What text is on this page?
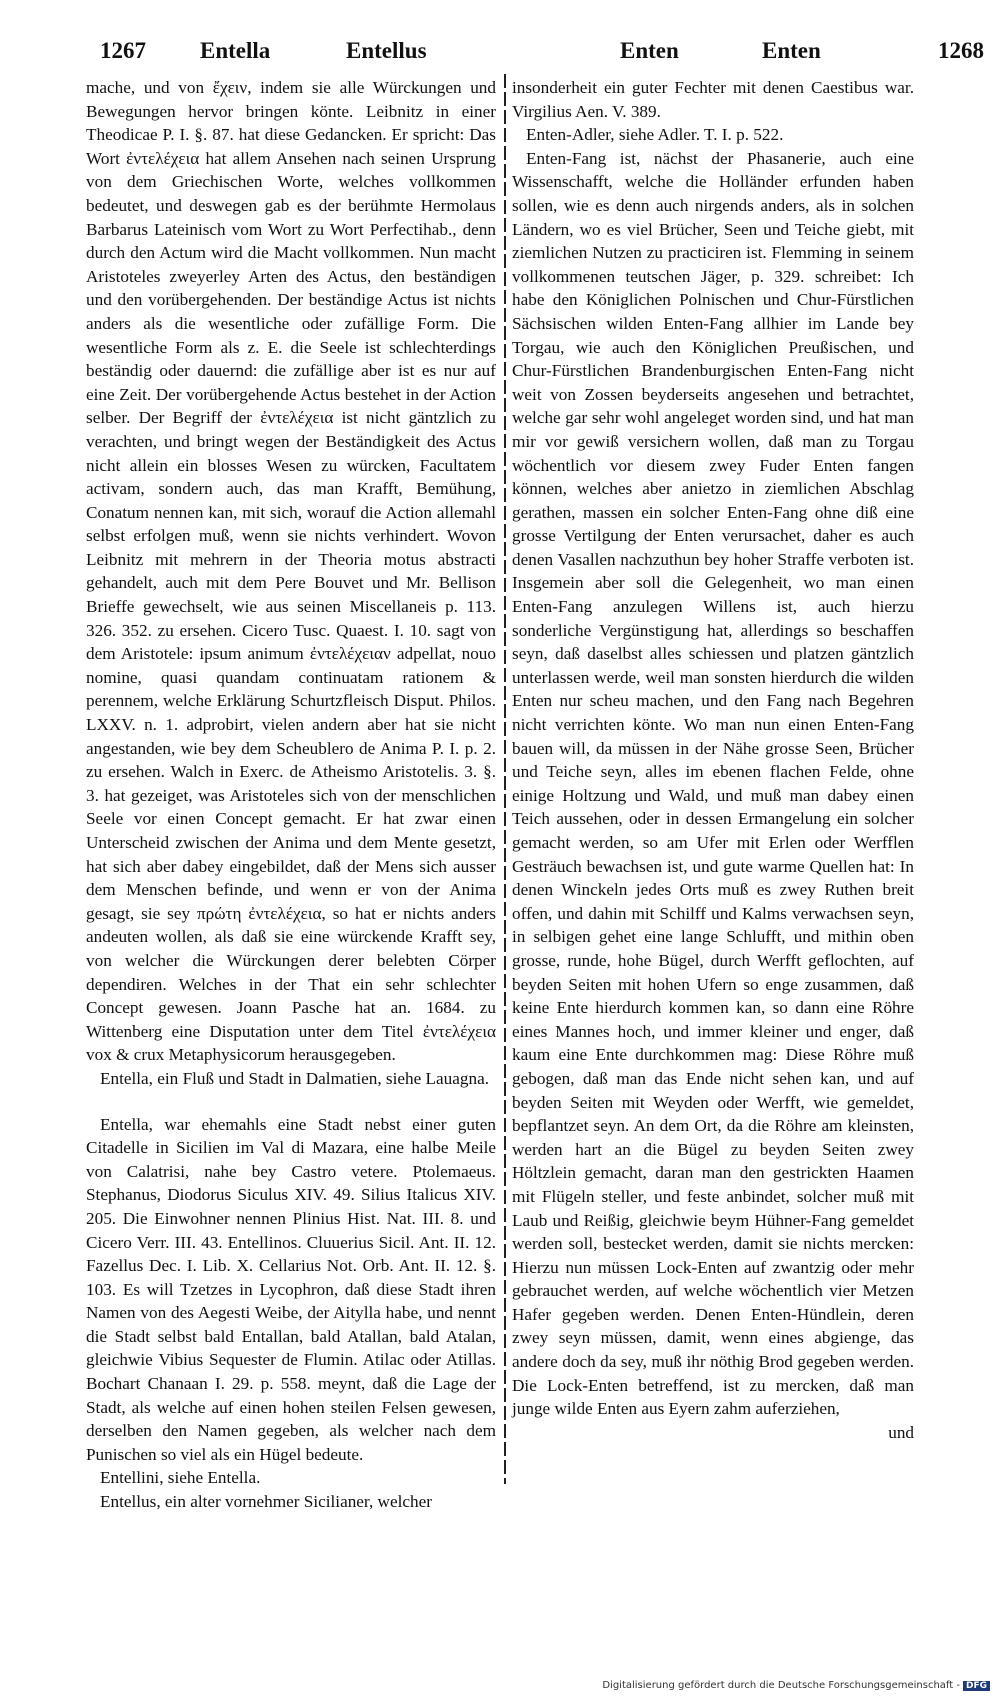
1267 Entella	Entellus	Enten	Enten	1268

mache, und von ἔχειν, indem sie alle Würckungen und Bewegungen hervor bringen könte. Leibnitz in einer Theodicae P. I. §. 87. hat diese Gedancken. Er spricht: Das Wort ἐντελέχεια hat allem Ansehen nach seinen Ursprung von dem Griechischen Worte, welches vollkommen bedeutet, und deswegen gab es der berühmte Hermolaus Barbarus Lateinisch vom Wort zu Wort Perfectihab., denn durch den Actum wird die Macht vollkommen. Nun macht Aristoteles zweyerley Arten des Actus, den beständigen und den vorübergehenden. Der beständige Actus ist nichts anders als die wesentliche oder zufällige Form. Die wesentliche Form als z. E. die Seele ist schlechterdings beständig oder dauernd: die zufällige aber ist es nur auf eine Zeit. Der vorübergehende Actus bestehet in der Action selber. Der Begriff der ἐντελέχεια ist nicht gäntzlich zu verachten, und bringt wegen der Beständigkeit des Actus nicht allein ein blosses Wesen zu würcken, Facultatem activam, sondern auch, das man Krafft, Bemühung, Conatum nennen kan, mit sich, worauf die Action allemahl selbst erfolgen muß, wenn sie nichts verhindert. Wovon Leibnitz mit mehrern in der Theoria motus abstracti gehandelt, auch mit dem Pere Bouvet und Mr. Bellison Brieffe gewechselt, wie aus seinen Miscellaneis p. 113. 326. 352. zu ersehen. Cicero Tusc. Quaest. I. 10. sagt von dem Aristotele: ipsum animum ἐντελέχειαν adpellat, nouo nomine, quasi quandam continuatam rationem & perennem, welche Erklärung Schurtzfleisch Disput. Philos. LXXV. n. 1. adprobirt, vielen andern aber hat sie nicht angestanden, wie bey dem Scheublero de Anima P. I. p. 2. zu ersehen. Walch in Exerc. de Atheismo Aristotelis. 3. §. 3. hat gezeiget, was Aristoteles sich von der menschlichen Seele vor einen Concept gemacht. Er hat zwar einen Unterscheid zwischen der Anima und dem Mente gesetzt, hat sich aber dabey eingebildet, daß der Mens sich ausser dem Menschen befinde, und wenn er von der Anima gesagt, sie sey πρώτη ἐντελέχεια, so hat er nichts anders andeuten wollen, als daß sie eine würckende Krafft sey, von welcher die Würckungen derer belebten Cörper dependiren. Welches in der That ein sehr schlechter Concept gewesen. Joann Pasche hat an. 1684. zu Wittenberg eine Disputation unter dem Titel ἐντελέχεια vox & crux Metaphysicorum herausgegeben.

Entella, ein Fluß und Stadt in Dalmatien, siehe Lauagna.

Entella, war ehemahls eine Stadt nebst einer guten Citadelle in Sicilien im Val di Mazara, eine halbe Meile von Calatrisi, nahe bey Castro vetere. Ptolemaeus. Stephanus, Diodorus Siculus XIV. 49. Silius Italicus XIV. 205. Die Einwohner nennen Plinius Hist. Nat. III. 8. und Cicero Verr. III. 43. Entellinos. Cluuerius Sicil. Ant. II. 12. Fazellus Dec. I. Lib. X. Cellarius Not. Orb. Ant. II. 12. §. 103. Es will Tzetzes in Lycophron, daß diese Stadt ihren Namen von des Aegesti Weibe, der Aitylla habe, und nennt die Stadt selbst bald Entallan, bald Atallan, bald Atalan, gleichwie Vibius Sequester de Flumin. Atilac oder Atillas. Bochart Chanaan I. 29. p. 558. meynt, daß die Lage der Stadt, als welche auf einen hohen steilen Felsen gewesen, derselben den Namen gegeben, als welcher nach dem Punischen so viel als ein Hügel bedeute.

Entellini, siehe Entella.

Entellus, ein alter vornehmer Sicilianer, welcher

insonderheit ein guter Fechter mit denen Caestibus war. Virgilius Aen. V. 389.

Enten-Adler, siehe Adler. T. I. p. 522.

Enten-Fang ist, nächst der Phasanerie, auch eine Wissenschafft, welche die Holländer erfunden haben sollen, wie es denn auch nirgends anders, als in solchen Ländern, wo es viel Brücher, Seen und Teiche giebt, mit ziemlichen Nutzen zu practiciren ist. Flemming in seinem vollkommenen teutschen Jäger, p. 329. schreibet: Ich habe den Königlichen Polnischen und Chur-Fürstlichen Sächsischen wilden Enten-Fang allhier im Lande bey Torgau, wie auch den Königlichen Preußischen, und Chur-Fürstlichen Brandenburgischen Enten-Fang nicht weit von Zossen beyderseits angesehen und betrachtet, welche gar sehr wohl angeleget worden sind, und hat man mir vor gewiß versichern wollen, daß man zu Torgau wöchentlich vor diesem zwey Fuder Enten fangen können, welches aber anietzo in ziemlichen Abschlag gerathen, massen ein solcher Enten-Fang ohne diß eine grosse Vertilgung der Enten verursachet, daher es auch denen Vasallen nachzuthun bey hoher Straffe verboten ist. Insgemein aber soll die Gelegenheit, wo man einen Enten-Fang anzulegen Willens ist, auch hierzu sonderliche Vergünstigung hat, allerdings so beschaffen seyn, daß daselbst alles schiessen und platzen gäntzlich unterlassen werde, weil man sonsten hierdurch die wilden Enten nur scheu machen, und den Fang nach Begehren nicht verrichten könte. Wo man nun einen Enten-Fang bauen will, da müssen in der Nähe grosse Seen, Brücher und Teiche seyn, alles im ebenen flachen Felde, ohne einige Holtzung und Wald, und muß man dabey einen Teich aussehen, oder in dessen Ermangelung ein solcher gemacht werden, so am Ufer mit Erlen oder Werfflen Gesträuch bewachsen ist, und gute warme Quellen hat: In denen Winckeln jedes Orts muß es zwey Ruthen breit offen, und dahin mit Schilff und Kalms verwachsen seyn, in selbigen gehet eine lange Schlufft, und mithin oben grosse, runde, hohe Bügel, durch Werfft geflochten, auf beyden Seiten mit hohen Ufern so enge zusammen, daß keine Ente hierdurch kommen kan, so dann eine Röhre eines Mannes hoch, und immer kleiner und enger, daß kaum eine Ente durchkommen mag: Diese Röhre muß gebogen, daß man das Ende nicht sehen kan, und auf beyden Seiten mit Weyden oder Werfft, wie gemeldet, bepflantzet seyn. An dem Ort, da die Röhre am kleinsten, werden hart an die Bügel zu beyden Seiten zwey Höltzlein gemacht, daran man den gestrickten Haamen mit Flügeln steller, und feste anbindet, solcher muß mit Laub und Reißig, gleichwie beym Hühner-Fang gemeldet werden soll, bestecket werden, damit sie nichts mercken: Hierzu nun müssen Lock-Enten auf zwantzig oder mehr gebrauchet werden, auf welche wöchentlich vier Metzen Hafer gegeben werden. Denen Enten-Hündlein, deren zwey seyn müssen, damit, wenn eines abgienge, das andere doch da sey, muß ihr nöthig Brod gegeben werden. Die Lock-Enten betreffend, ist zu mercken, daß man junge wilde Enten aus Eyern zahm auferziehen,

und

Digitalisierung gefördert durch die Deutsche Forschungsgemeinschaft - DFG
